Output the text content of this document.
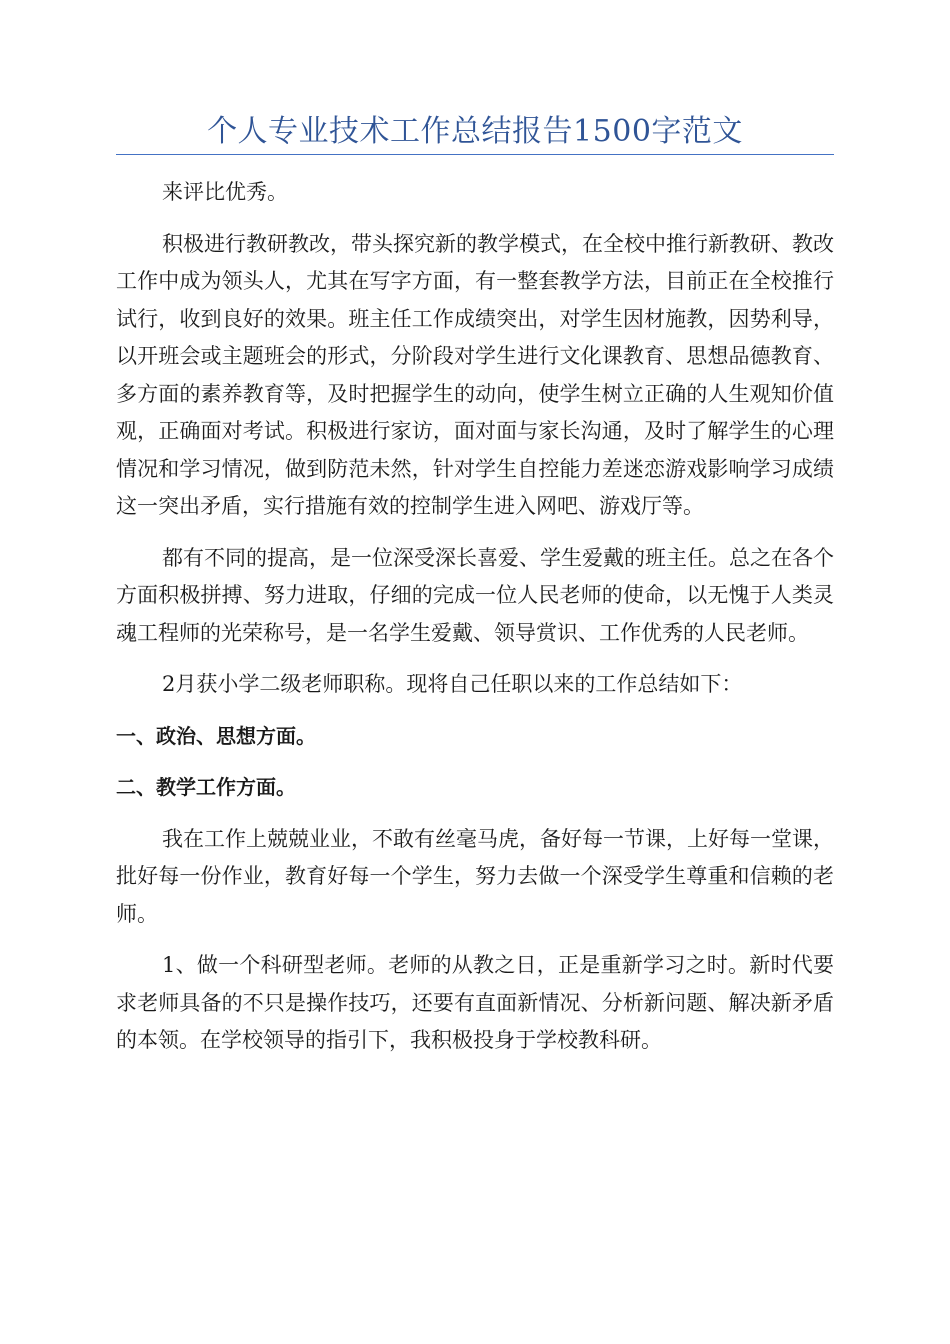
个人专业技术工作总结报告1500字范文

来评比优秀。

积极进行教研教改，带头探究新的教学模式，在全校中推行新教研、教改工作中成为领头人，尤其在写字方面，有一整套教学方法，目前正在全校推行试行，收到良好的效果。班主任工作成绩突出，对学生因材施教，因势利导，以开班会或主题班会的形式，分阶段对学生进行文化课教育、思想品德教育、多方面的素养教育等，及时把握学生的动向，使学生树立正确的人生观知价值观，正确面对考试。积极进行家访，面对面与家长沟通，及时了解学生的心理情况和学习情况，做到防范未然，针对学生自控能力差迷恋游戏影响学习成绩这一突出矛盾，实行措施有效的控制学生进入网吧、游戏厅等。

都有不同的提高，是一位深受深长喜爱、学生爱戴的班主任。总之在各个方面积极拼搏、努力进取，仔细的完成一位人民老师的使命，以无愧于人类灵魂工程师的光荣称号，是一名学生爱戴、领导赏识、工作优秀的人民老师。

2月获小学二级老师职称。现将自己任职以来的工作总结如下：

一、政治、思想方面。

二、教学工作方面。

我在工作上兢兢业业，不敢有丝毫马虎，备好每一节课，上好每一堂课，批好每一份作业，教育好每一个学生，努力去做一个深受学生尊重和信赖的老师。

1、做一个科研型老师。老师的从教之日，正是重新学习之时。新时代要求老师具备的不只是操作技巧，还要有直面新情况、分析新问题、解决新矛盾的本领。在学校领导的指引下，我积极投身于学校教科研。
